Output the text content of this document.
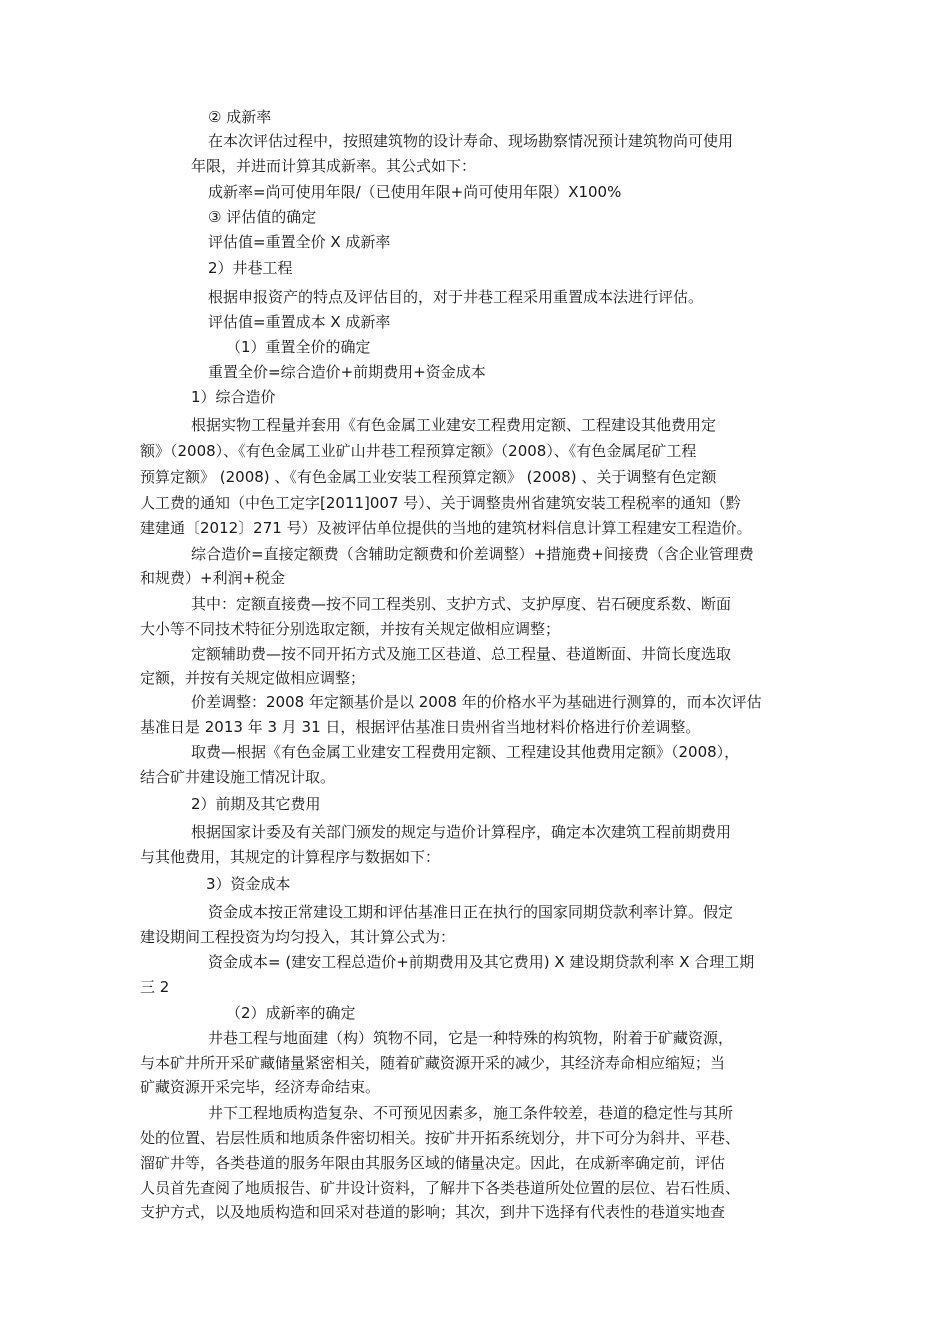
② 成新率
在本次评估过程中，按照建筑物的设计寿命、现场勘察情况预计建筑物尚可使用
年限，并进而计算其成新率。其公式如下：
成新率=尚可使用年限/（已使用年限+尚可使用年限）X100%
③ 评估值的确定
评估值=重置全价 X 成新率
2）井巷工程
根据申报资产的特点及评估目的，对于井巷工程采用重置成本法进行评估。
评估值=重置成本 X 成新率
（1）重置全价的确定
重置全价=综合造价+前期费用+资金成本
1）综合造价
根据实物工程量并套用《有色金属工业建安工程费用定额、工程建设其他费用定
额》（2008）、《有色金属工业矿山井巷工程预算定额》（2008）、《有色金属尾矿工程
预算定额》 (2008) 、《有色金属工业安装工程预算定额》 (2008) 、关于调整有色定额
人工费的通知（中色工定字[2011]007 号）、关于调整贵州省建筑安装工程税率的通知（黔
建建通〔2012〕271 号）及被评估单位提供的当地的建筑材料信息计算工程建安工程造价。
综合造价=直接定额费（含辅助定额费和价差调整）+措施费+间接费（含企业管理费
和规费）+利润+税金
其中：定额直接费—按不同工程类别、支护方式、支护厚度、岩石硬度系数、断面
大小等不同技术特征分别选取定额，并按有关规定做相应调整；
定额辅助费—按不同开拓方式及施工区巷道、总工程量、巷道断面、井筒长度选取
定额，并按有关规定做相应调整；
价差调整：2008 年定额基价是以 2008 年的价格水平为基础进行测算的，而本次评估
基准日是 2013 年 3 月 31 日，根据评估基准日贵州省当地材料价格进行价差调整。
取费—根据《有色金属工业建安工程费用定额、工程建设其他费用定额》（2008），
结合矿井建设施工情况计取。
2）前期及其它费用
根据国家计委及有关部门颁发的规定与造价计算程序，确定本次建筑工程前期费用
与其他费用，其规定的计算程序与数据如下：
3）资金成本
资金成本按正常建设工期和评估基准日正在执行的国家同期贷款利率计算。假定
建设期间工程投资为均匀投入，其计算公式为：
资金成本= (建安工程总造价+前期费用及其它费用) X 建设期贷款利率 X 合理工期
三 2
（2）成新率的确定
井巷工程与地面建（构）筑物不同，它是一种特殊的构筑物，附着于矿藏资源，
与本矿井所开采矿藏储量紧密相关，随着矿藏资源开采的减少，其经济寿命相应缩短；当
矿藏资源开采完毕，经济寿命结束。
井下工程地质构造复杂、不可预见因素多，施工条件较差，巷道的稳定性与其所
处的位置、岩层性质和地质条件密切相关。按矿井开拓系统划分，井下可分为斜井、平巷、
溜矿井等，各类巷道的服务年限由其服务区域的储量决定。因此，在成新率确定前，评估
人员首先查阅了地质报告、矿井设计资料，了解井下各类巷道所处位置的层位、岩石性质、
支护方式，以及地质构造和回采对巷道的影响；其次，到井下选择有代表性的巷道实地查
